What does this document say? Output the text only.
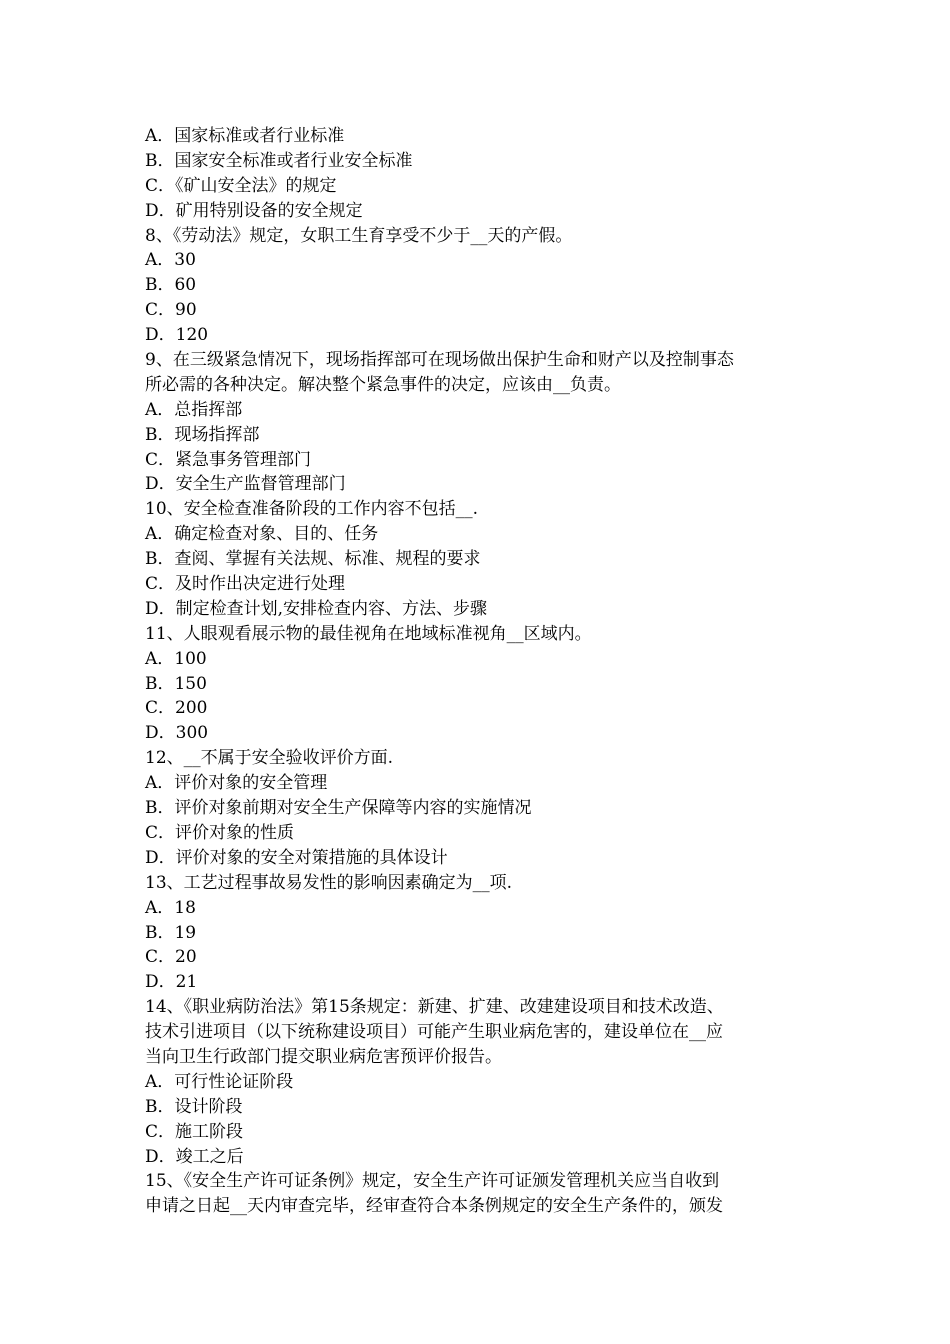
A．国家标准或者行业标准
B．国家安全标准或者行业安全标准
C．《矿山安全法》的规定
D．矿用特别设备的安全规定
8、《劳动法》规定，女职工生育享受不少于__天的产假。
A．30
B．60
C．90
D．120
9、在三级紧急情况下，现场指挥部可在现场做出保护生命和财产以及控制事态
所必需的各种决定。解决整个紧急事件的决定，应该由__负责。
A．总指挥部
B．现场指挥部
C．紧急事务管理部门
D．安全生产监督管理部门
10、安全检查准备阶段的工作内容不包括__.
A．确定检查对象、目的、任务
B．查阅、掌握有关法规、标准、规程的要求
C．及时作出决定进行处理
D．制定检查计划,安排检查内容、方法、步骤
11、人眼观看展示物的最佳视角在地域标准视角__区域内。
A．100
B．150
C．200
D．300
12、__不属于安全验收评价方面.
A．评价对象的安全管理
B．评价对象前期对安全生产保障等内容的实施情况
C．评价对象的性质
D．评价对象的安全对策措施的具体设计
13、工艺过程事故易发性的影响因素确定为__项.
A．18
B．19
C．20
D．21
14、《职业病防治法》第15条规定：新建、扩建、改建建设项目和技术改造、
技术引进项目（以下统称建设项目）可能产生职业病危害的，建设单位在__应
当向卫生行政部门提交职业病危害预评价报告。
A．可行性论证阶段
B．设计阶段
C．施工阶段
D．竣工之后
15、《安全生产许可证条例》规定，安全生产许可证颁发管理机关应当自收到
申请之日起__天内审查完毕，经审查符合本条例规定的安全生产条件的，颁发
